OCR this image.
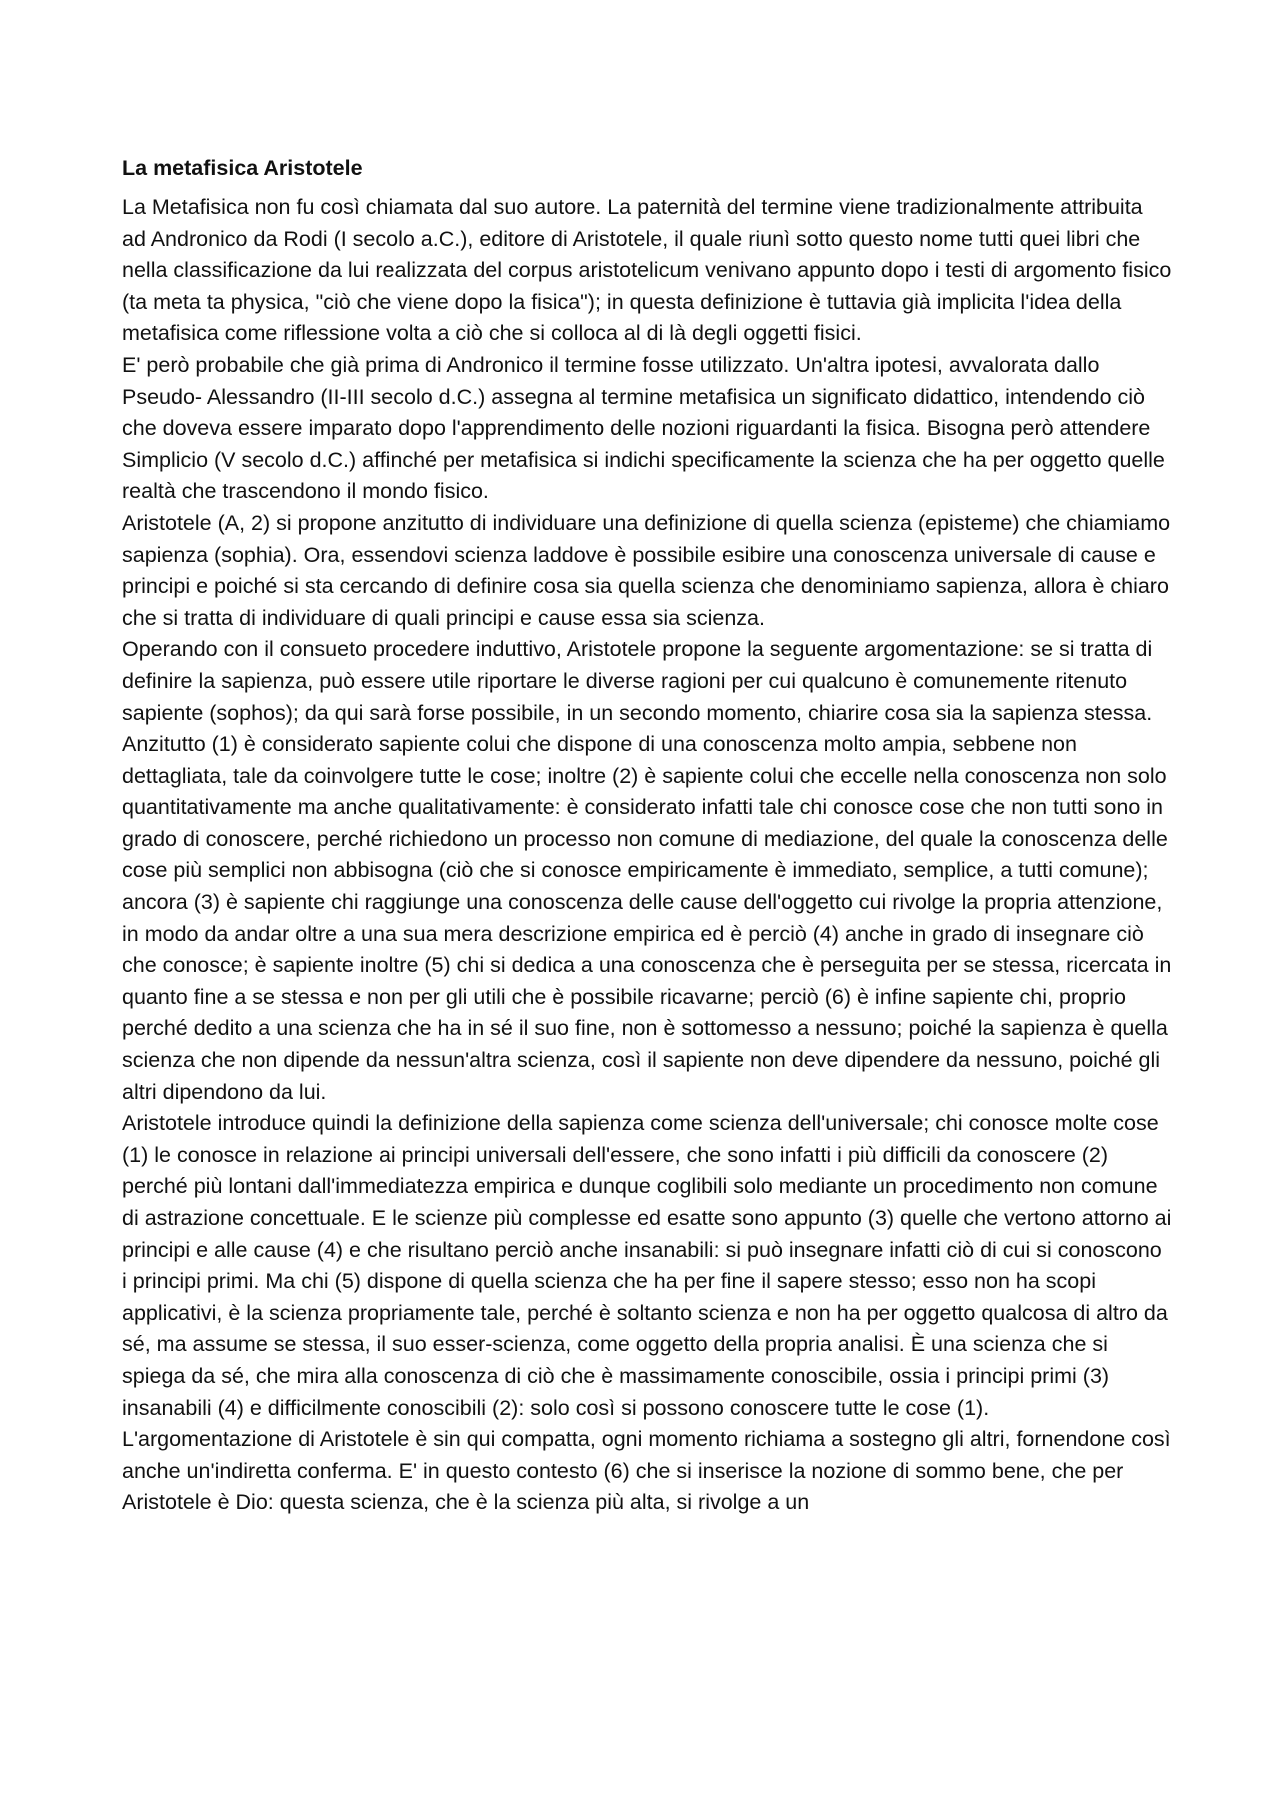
La metafisica Aristotele

La Metafisica non fu così chiamata dal suo autore. La paternità del termine viene tradizionalmente attribuita ad Andronico da Rodi (I secolo a.C.), editore di Aristotele, il quale riunì sotto questo nome tutti quei libri che nella classificazione da lui realizzata del corpus aristotelicum venivano appunto dopo i testi di argomento fisico (ta meta ta physica, "ciò che viene dopo la fisica"); in questa definizione è tuttavia già implicita l'idea della metafisica come riflessione volta a ciò che si colloca al di là degli oggetti fisici.

E' però probabile che già prima di Andronico il termine fosse utilizzato. Un'altra ipotesi, avvalorata dallo Pseudo- Alessandro (II-III secolo d.C.) assegna al termine metafisica un significato didattico, intendendo ciò che doveva essere imparato dopo l'apprendimento delle nozioni riguardanti la fisica. Bisogna però attendere Simplicio (V secolo d.C.) affinché per metafisica si indichi specificamente la scienza che ha per oggetto quelle realtà che trascendono il mondo fisico.

Aristotele (A, 2) si propone anzitutto di individuare una definizione di quella scienza (episteme) che chiamiamo sapienza (sophia). Ora, essendovi scienza laddove è possibile esibire una conoscenza universale di cause e principi e poiché si sta cercando di definire cosa sia quella scienza che denominiamo sapienza, allora è chiaro che si tratta di individuare di quali principi e cause essa sia scienza.

Operando con il consueto procedere induttivo, Aristotele propone la seguente argomentazione: se si tratta di definire la sapienza, può essere utile riportare le diverse ragioni per cui qualcuno è comunemente ritenuto sapiente (sophos); da qui sarà forse possibile, in un secondo momento, chiarire cosa sia la sapienza stessa. Anzitutto (1) è considerato sapiente colui che dispone di una conoscenza molto ampia, sebbene non dettagliata, tale da coinvolgere tutte le cose; inoltre (2) è sapiente colui che eccelle nella conoscenza non solo quantitativamente ma anche qualitativamente: è considerato infatti tale chi conosce cose che non tutti sono in grado di conoscere, perché richiedono un processo non comune di mediazione, del quale la conoscenza delle cose più semplici non abbisogna (ciò che si conosce empiricamente è immediato, semplice, a tutti comune); ancora (3) è sapiente chi raggiunge una conoscenza delle cause dell'oggetto cui rivolge la propria attenzione, in modo da andar oltre a una sua mera descrizione empirica ed è perciò (4) anche in grado di insegnare ciò che conosce; è sapiente inoltre (5) chi si dedica a una conoscenza che è perseguita per se stessa, ricercata in quanto fine a se stessa e non per gli utili che è possibile ricavarne; perciò (6) è infine sapiente chi, proprio perché dedito a una scienza che ha in sé il suo fine, non è sottomesso a nessuno; poiché la sapienza è quella scienza che non dipende da nessun'altra scienza, così il sapiente non deve dipendere da nessuno, poiché gli altri dipendono da lui.

Aristotele introduce quindi la definizione della sapienza come scienza dell'universale; chi conosce molte cose (1) le conosce in relazione ai principi universali dell'essere, che sono infatti i più difficili da conoscere (2) perché più lontani dall'immediatezza empirica e dunque coglibili solo mediante un procedimento non comune di astrazione concettuale. E le scienze più complesse ed esatte sono appunto (3) quelle che vertono attorno ai principi e alle cause (4) e che risultano perciò anche insanabili: si può insegnare infatti ciò di cui si conoscono i principi primi. Ma chi (5) dispone di quella scienza che ha per fine il sapere stesso; esso non ha scopi applicativi, è la scienza propriamente tale, perché è soltanto scienza e non ha per oggetto qualcosa di altro da sé, ma assume se stessa, il suo esser-scienza, come oggetto della propria analisi. È una scienza che si spiega da sé, che mira alla conoscenza di ciò che è massimamente conoscibile, ossia i principi primi (3) insanabili (4) e difficilmente conoscibili (2): solo così si possono conoscere tutte le cose (1).

L'argomentazione di Aristotele è sin qui compatta, ogni momento richiama a sostegno gli altri, fornendone così anche un'indiretta conferma. E' in questo contesto (6) che si inserisce la nozione di sommo bene, che per Aristotele è Dio: questa scienza, che è la scienza più alta, si rivolge a un
